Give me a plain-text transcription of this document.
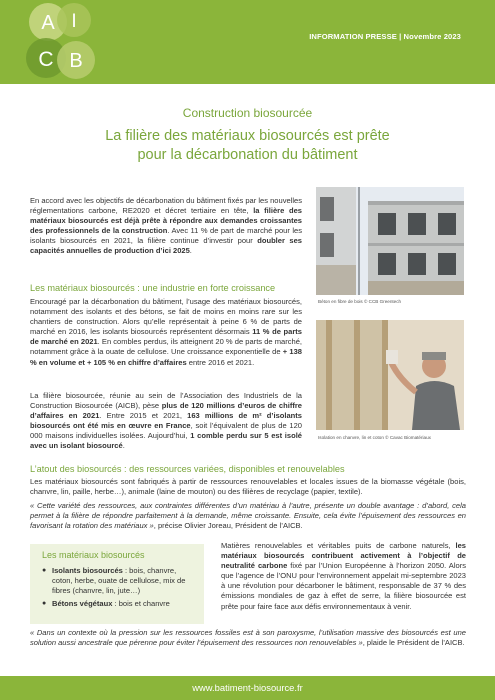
A I
C B
INFORMATION PRESSE | Novembre 2023
Construction biosourcée
La filière des matériaux biosourcés est prête
pour la décarbonation du bâtiment
En accord avec les objectifs de décarbonation du bâtiment fixés par les nouvelles réglementations carbone, RE2020 et décret tertiaire en tête, la filière des matériaux biosourcés est déjà prête à répondre aux demandes croissantes des professionnels de la construction. Avec 11 % de part de marché pour les isolants biosourcés en 2021, la filière continue d’investir pour doubler ses capacités annuelles de production d’ici 2025.
Les matériaux biosourcés : une industrie en forte croissance
Encouragé par la décarbonation du bâtiment, l’usage des matériaux biosourcés, notamment des isolants et des bétons, se fait de moins en moins rare sur les chantiers de construction. Alors qu’elle représentait à peine 6 % de parts de marché en 2016, les isolants biosourcés représentent désormais 11 % de parts de marché en 2021. En combles perdus, ils atteignent 20 % de parts de marché, notamment grâce à la ouate de cellulose. Une croissance exponentielle de + 138 % en volume et + 105 % en chiffre d’affaires entre 2016 et 2021.
La filière biosourcée, réunie au sein de l’Association des Industriels de la Construction Biosourcée (AICB), pèse plus de 120 millions d’euros de chiffre d’affaires en 2021. Entre 2015 et 2021, 163 millions de m² d’isolants biosourcés ont été mis en œuvre en France, soit l’équivalent de plus de 120 000 maisons individuelles isolées. Aujourd’hui, 1 comble perdu sur 5 est isolé avec un isolant biosourcé.
Béton en fibre de bois © CCB Greentech
Isolation en chanvre, lin et coton © Cavac Biomatériaux
L’atout des biosourcés : des ressources variées, disponibles et renouvelables
Les matériaux biosourcés sont fabriqués à partir de ressources renouvelables et locales issues de la biomasse végétale (bois, chanvre, lin, paille, herbe…), animale (laine de mouton) ou des filières de recyclage (papier, textile).
« Cette variété des ressources, aux contraintes différentes d’un matériau à l’autre, présente un double avantage : d’abord, cela permet à la filière de répondre parfaitement à la demande, même croissante. Ensuite, cela évite l’épuisement des ressources en favorisant la rotation des matériaux », précise Olivier Joreau, Président de l’AICB.
Les matériaux biosourcés
● Isolants biosourcés : bois, chanvre, coton, herbe, ouate de cellulose, mix de fibres (chanvre, lin, jute…)
● Bétons végétaux : bois et chanvre
Matières renouvelables et véritables puits de carbone naturels, les matériaux biosourcés contribuent activement à l’objectif de neutralité carbone fixé par l’Union Européenne à l’horizon 2050. Alors que l’agence de l’ONU pour l’environnement appelait mi-septembre 2023 à une révolution pour décarboner le bâtiment, responsable de 37 % des émissions mondiales de gaz à effet de serre, la filière biosourcée est prête pour faire face aux défis environnementaux à venir.
« Dans un contexte où la pression sur les ressources fossiles est à son paroxysme, l’utilisation massive des biosourcés est une solution aussi ancestrale que pérenne pour éviter l’épuisement des ressources non renouvelables », plaide le Président de l’AICB.
www.batiment-biosource.fr
